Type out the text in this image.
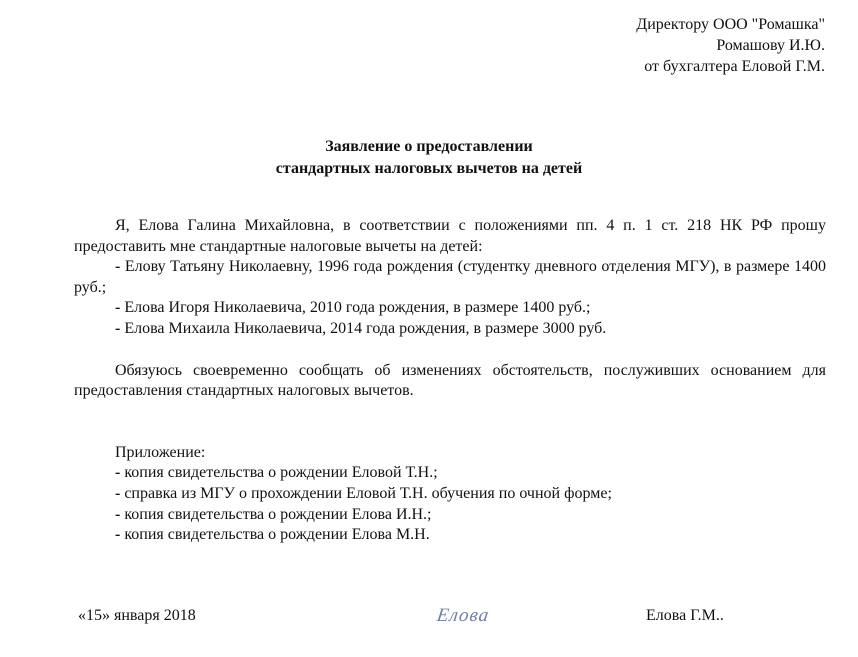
Директору ООО "Ромашка"
Ромашову И.Ю.
от бухгалтера Еловой Г.М.
Заявление о предоставлении
стандартных налоговых вычетов на детей

Я, Елова Галина Михайловна, в соответствии с положениями пп. 4 п. 1 ст. 218 НК РФ прошу предоставить мне стандартные налоговые вычеты на детей:

- Елову Татьяну Николаевну, 1996 года рождения (студентку дневного отделения МГУ), в размере 1400 руб.;

- Елова Игоря Николаевича, 2010 года рождения, в размере 1400 руб.;

- Елова Михаила Николаевича, 2014 года рождения, в размере 3000 руб.

Обязуюсь своевременно сообщать об изменениях обстоятельств, послуживших основанием для предоставления стандартных налоговых вычетов.

Приложение:

- копия свидетельства о рождении Еловой Т.Н.;

- справка из МГУ о прохождении Еловой Т.Н. обучения по очной форме;

- копия свидетельства о рождении Елова И.Н.;

- копия свидетельства о рождении Елова М.Н.

«15» января 2018	Елова	Елова Г.М..
